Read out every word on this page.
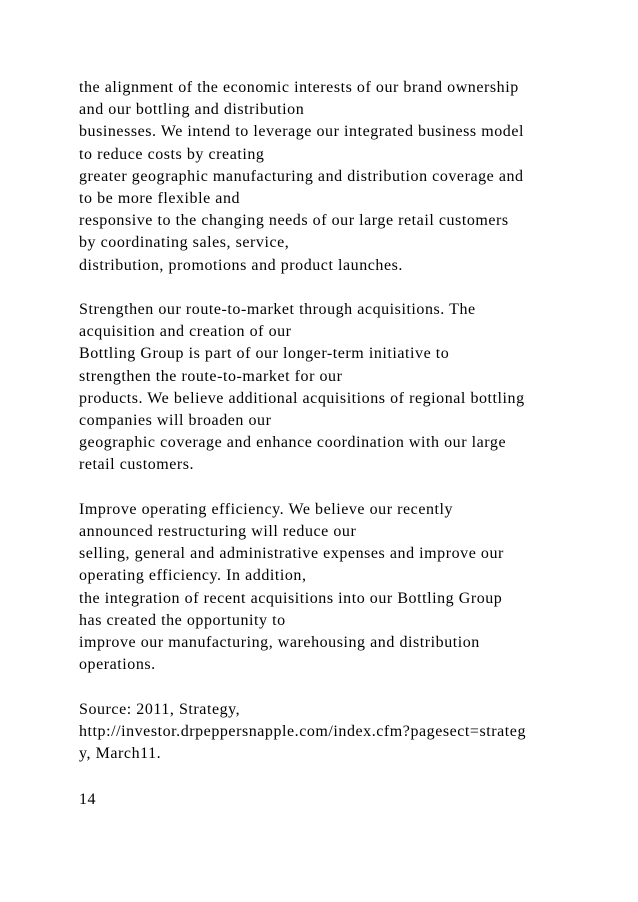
the alignment of the economic interests of our brand ownership
and our bottling and distribution
businesses. We intend to leverage our integrated business model
to reduce costs by creating
greater geographic manufacturing and distribution coverage and
to be more flexible and
responsive to the changing needs of our large retail customers
by coordinating sales, service,
distribution, promotions and product launches.

Strengthen our route-to-market through acquisitions. The
acquisition and creation of our
Bottling Group is part of our longer-term initiative to
strengthen the route-to-market for our
products. We believe additional acquisitions of regional bottling
companies will broaden our
geographic coverage and enhance coordination with our large
retail customers.

Improve operating efficiency. We believe our recently
announced restructuring will reduce our
selling, general and administrative expenses and improve our
operating efficiency. In addition,
the integration of recent acquisitions into our Bottling Group
has created the opportunity to
improve our manufacturing, warehousing and distribution
operations.

Source: 2011, Strategy,
http://investor.drpeppersnapple.com/index.cfm?pagesect=strateg
y, March11.

14
